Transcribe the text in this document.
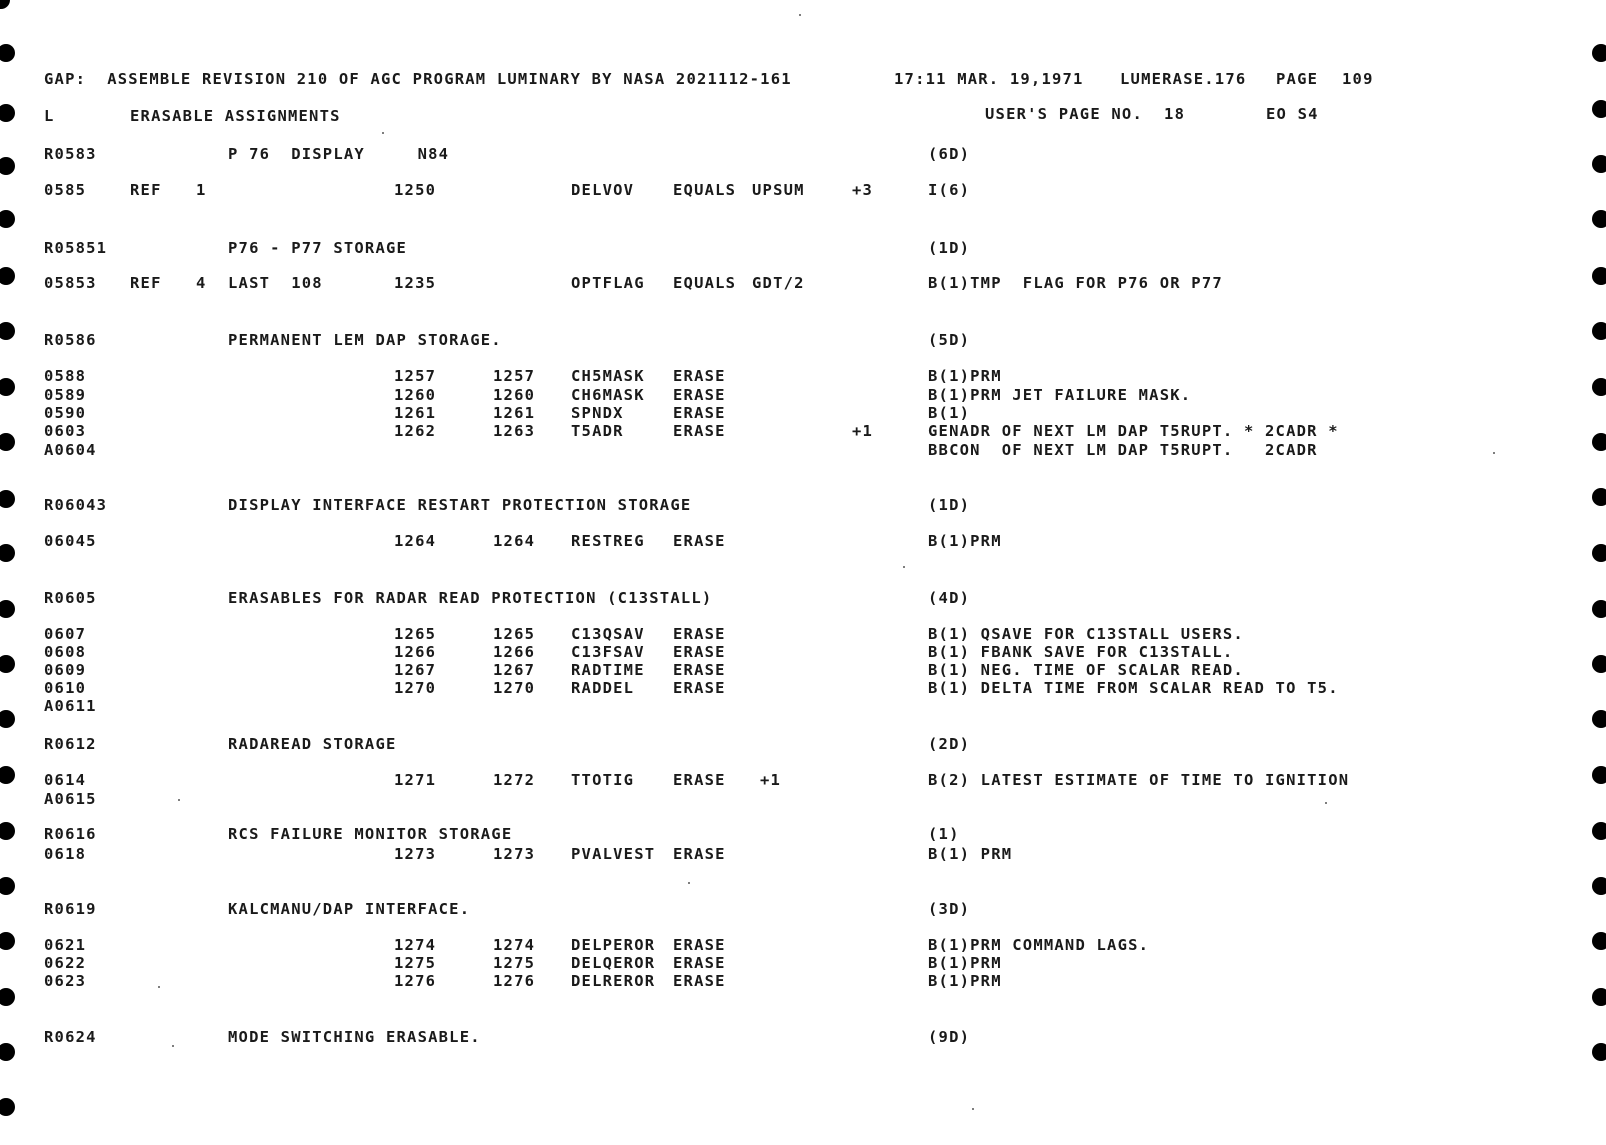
GAP:  ASSEMBLE REVISION 210 OF AGC PROGRAM LUMINARY BY NASA 2021112-161	17:11 MAR. 19,1971 LUMERASE.176 PAGE 109
L	ERASABLE ASSIGNMENTS	USER'S PAGE NO.  18	EO S4
R0583	P 76  DISPLAY     N84	(6D)
0585	REF 1	1250	DELVOV	EQUALS UPSUM	+3	I(6)
R05851	P76 - P77 STORAGE	(1D)
05853 REF 4 LAST  108	1235	OPTFLAG EQUALS GDT/2	B(1)TMP  FLAG FOR P76 OR P77
R0586	PERMANENT LEM DAP STORAGE.	(5D)
0588	1257	1257 CH5MASK ERASE	B(1)PRM
0589	1260	1260 CH6MASK ERASE	B(1)PRM JET FAILURE MASK.
0590	1261	1261 SPNDX	ERASE	B(1)
0603	1262	1263 T5ADR	ERASE	+1	GENADR OF NEXT LM DAP T5RUPT. * 2CADR *
A0604	BBCON  OF NEXT LM DAP T5RUPT.   2CADR
R06043	DISPLAY INTERFACE RESTART PROTECTION STORAGE	(1D)
06045	1264	1264 RESTREG ERASE	B(1)PRM
R0605	ERASABLES FOR RADAR READ PROTECTION (C13STALL)	(4D)
0607	1265	1265 C13QSAV ERASE	B(1) QSAVE FOR C13STALL USERS.
0608	1266	1266 C13FSAV ERASE	B(1) FBANK SAVE FOR C13STALL.
0609	1267	1267 RADTIME ERASE	B(1) NEG. TIME OF SCALAR READ.
0610	1270	1270 RADDEL	ERASE	B(1) DELTA TIME FROM SCALAR READ TO T5.
A0611
R0612	RADAREAD STORAGE	(2D)
0614	1271	1272 TTOTIG	ERASE +1	B(2) LATEST ESTIMATE OF TIME TO IGNITION
A0615
R0616	RCS FAILURE MONITOR STORAGE	(1)
0618	1273	1273 PVALVEST ERASE	B(1) PRM
R0619	KALCMANU/DAP INTERFACE.	(3D)
0621	1274	1274 DELPEROR ERASE	B(1)PRM COMMAND LAGS.
0622	1275	1275 DELQEROR ERASE	B(1)PRM
0623	1276	1276 DELREROR ERASE	B(1)PRM
R0624	MODE SWITCHING ERASABLE.	(9D)
